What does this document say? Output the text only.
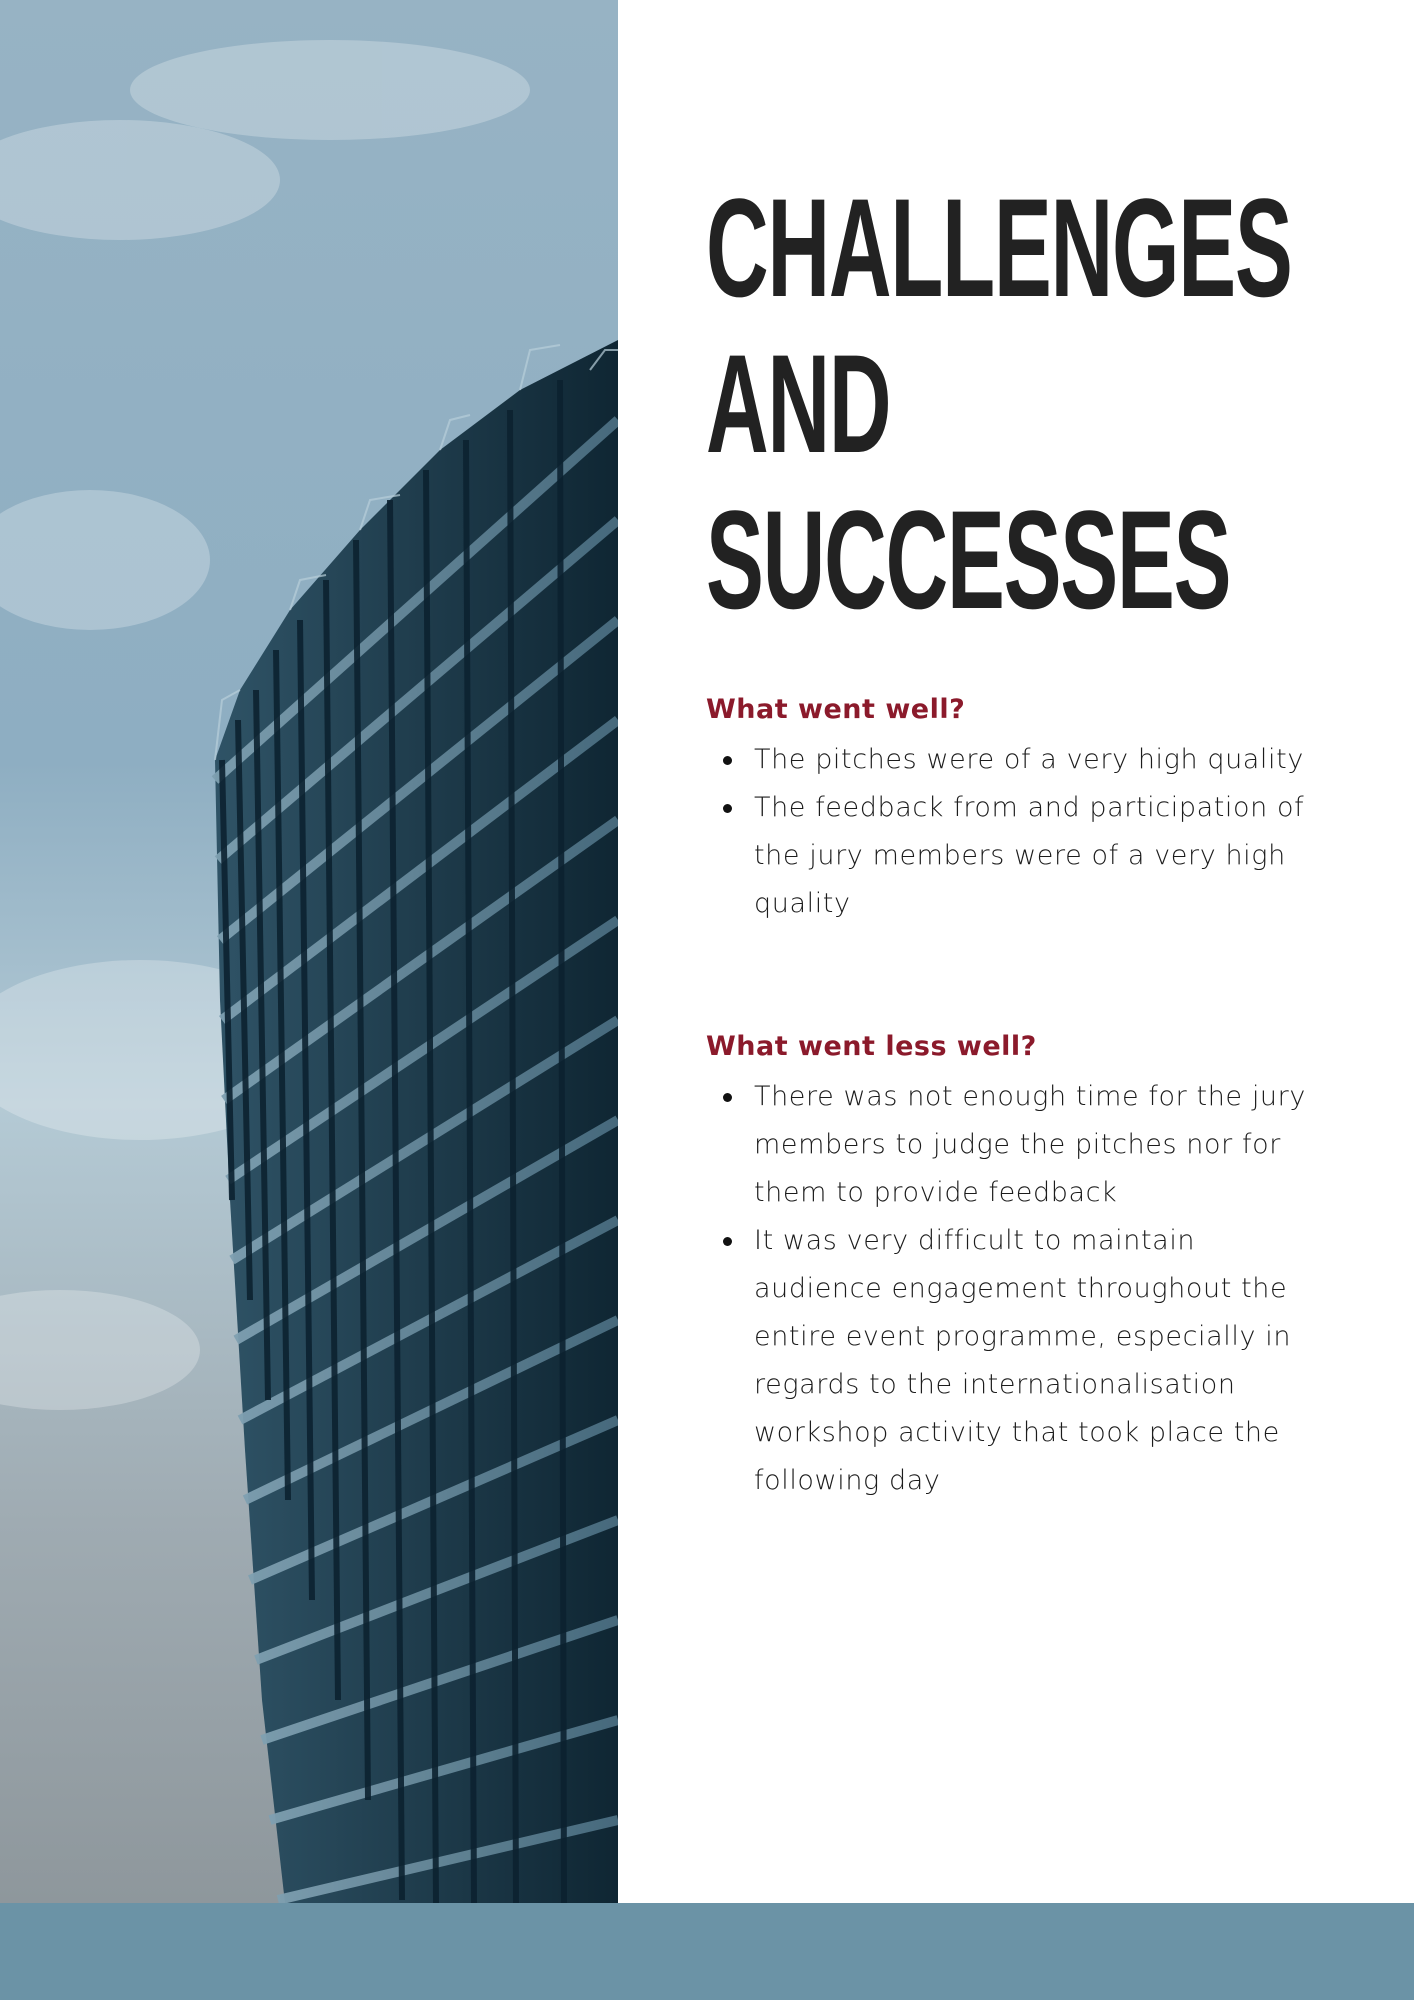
CHALLENGES
AND
SUCCESSES
What went well?
The pitches were of a very high quality
The feedback from and participation of the jury members were of a very high quality
What went less well?
There was not enough time for the jury members to judge the pitches nor for them to provide feedback
It was very difficult to maintain audience engagement throughout the entire event programme, especially in regards to the internationalisation workshop activity that took place the following day
